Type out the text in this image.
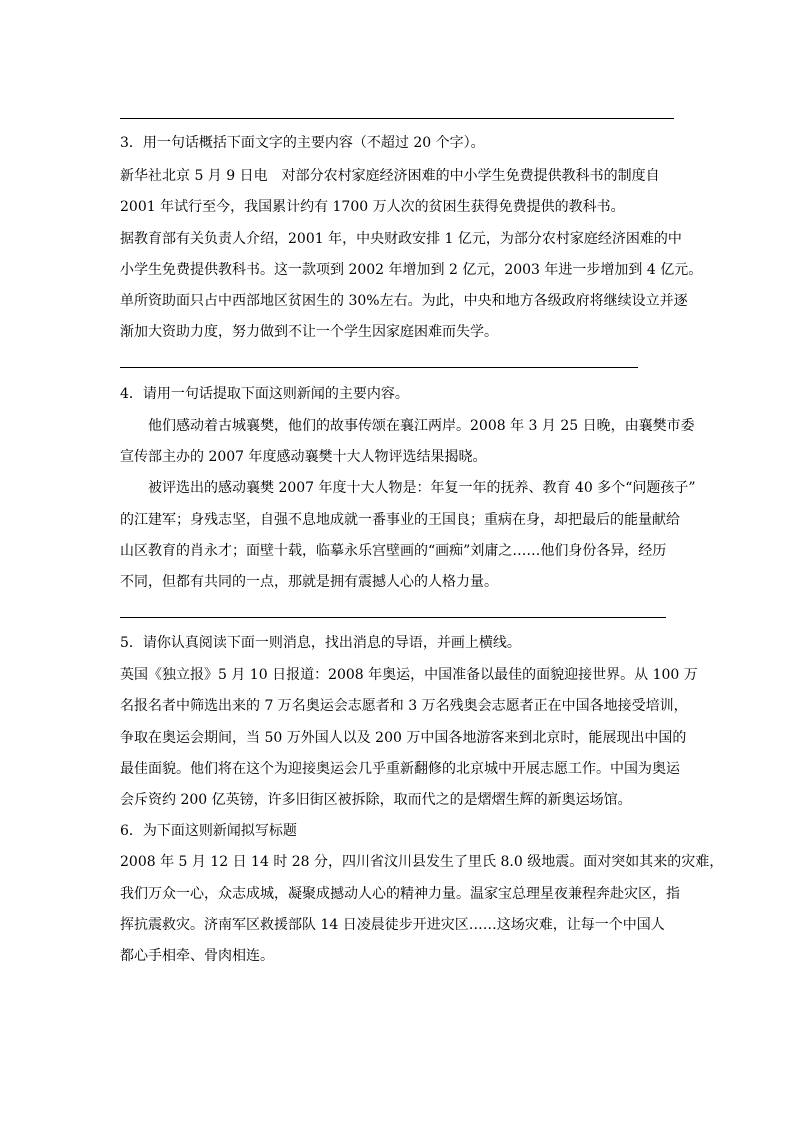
3．用一句话概括下面文字的主要内容（不超过 20 个字）。
新华社北京 5 月 9 日电　对部分农村家庭经济困难的中小学生免费提供教科书的制度自
2001 年试行至今，我国累计约有 1700 万人次的贫困生获得免费提供的教科书。
据教育部有关负责人介绍，2001 年，中央财政安排 1 亿元，为部分农村家庭经济困难的中
小学生免费提供教科书。这一款项到 2002 年增加到 2 亿元，2003 年进一步增加到 4 亿元。
单所资助面只占中西部地区贫困生的 30%左右。为此，中央和地方各级政府将继续设立并逐
渐加大资助力度，努力做到不让一个学生因家庭困难而失学。
4．请用一句话提取下面这则新闻的主要内容。
他们感动着古城襄樊，他们的故事传颂在襄江两岸。2008 年 3 月 25 日晚，由襄樊市委
宣传部主办的 2007 年度感动襄樊十大人物评选结果揭晓。
被评选出的感动襄樊 2007 年度十大人物是：年复一年的抚养、教育 40 多个“问题孩子”
的江建军；身残志坚，自强不息地成就一番事业的王国良；重病在身，却把最后的能量献给
山区教育的肖永才；面壁十载，临摹永乐宫壁画的“画痴”刘庸之……他们身份各异，经历
不同，但都有共同的一点，那就是拥有震撼人心的人格力量。
5．请你认真阅读下面一则消息，找出消息的导语，并画上横线。
英国《独立报》5 月 10 日报道：2008 年奥运，中国准备以最佳的面貌迎接世界。从 100 万
名报名者中筛选出来的 7 万名奥运会志愿者和 3 万名残奥会志愿者正在中国各地接受培训，
争取在奥运会期间，当 50 万外国人以及 200 万中国各地游客来到北京时，能展现出中国的
最佳面貌。他们将在这个为迎接奥运会几乎重新翻修的北京城中开展志愿工作。中国为奥运
会斥资约 200 亿英镑，许多旧街区被拆除，取而代之的是熠熠生辉的新奥运场馆。
6．为下面这则新闻拟写标题
2008 年 5 月 12 日 14 时 28 分，四川省汶川县发生了里氏 8.0 级地震。面对突如其来的灾难，
我们万众一心，众志成城，凝聚成撼动人心的精神力量。温家宝总理星夜兼程奔赴灾区，指
挥抗震救灾。济南军区救援部队 14 日凌晨徒步开进灾区……这场灾难，让每一个中国人
都心手相牵、骨肉相连。
